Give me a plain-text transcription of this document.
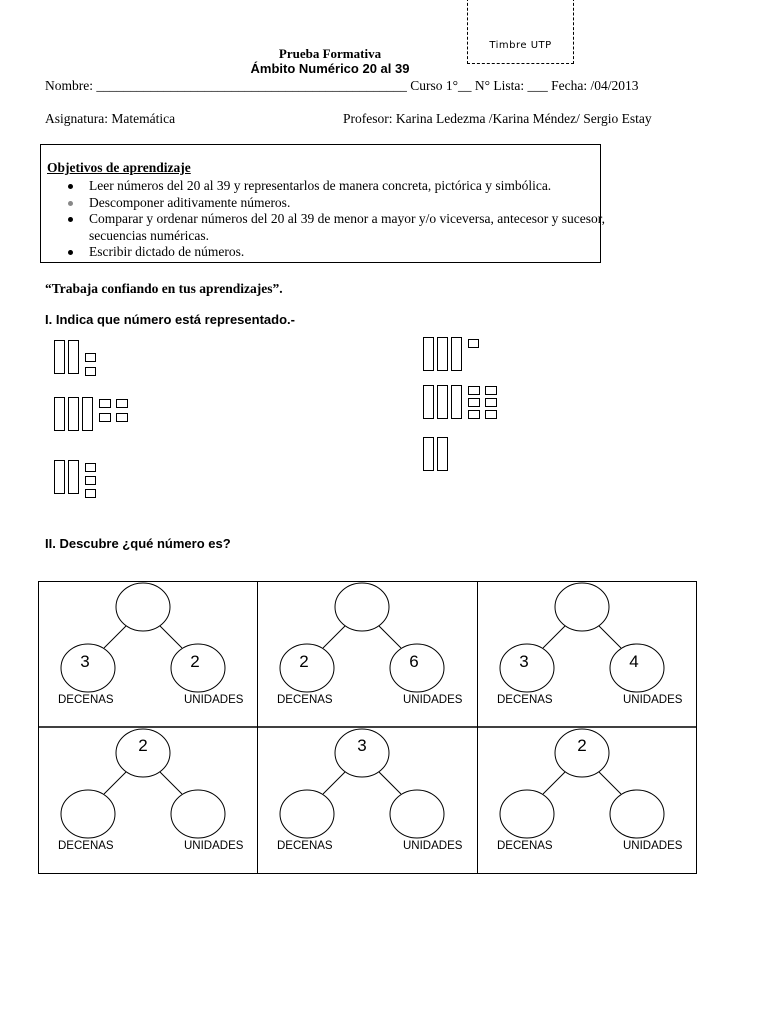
Timbre UTP
Prueba Formativa
Ámbito Numérico 20 al 39
Nombre: ______________________________________________ Curso 1°__ N° Lista: ___ Fecha: /04/2013
Asignatura: Matemática	Profesor: Karina Ledezma /Karina Méndez/ Sergio Estay
Objetivos de aprendizaje
Leer números del 20 al 39 y representarlos de manera concreta, pictórica y simbólica.
Descomponer aditivamente números.
Comparar y ordenar números del 20 al 39 de menor a mayor y/o viceversa, antecesor y sucesor, secuencias numéricas.
Escribir dictado de números.
“Trabaja confiando en tus aprendizajes”.
I. Indica que número está representado.-
II. Descubre ¿qué número es?
3	2
DECENAS	UNIDADES
2	6
DECENAS	UNIDADES
3	4
DECENAS	UNIDADES
2
DECENAS	UNIDADES
3
DECENAS	UNIDADES
2
DECENAS	UNIDADES
